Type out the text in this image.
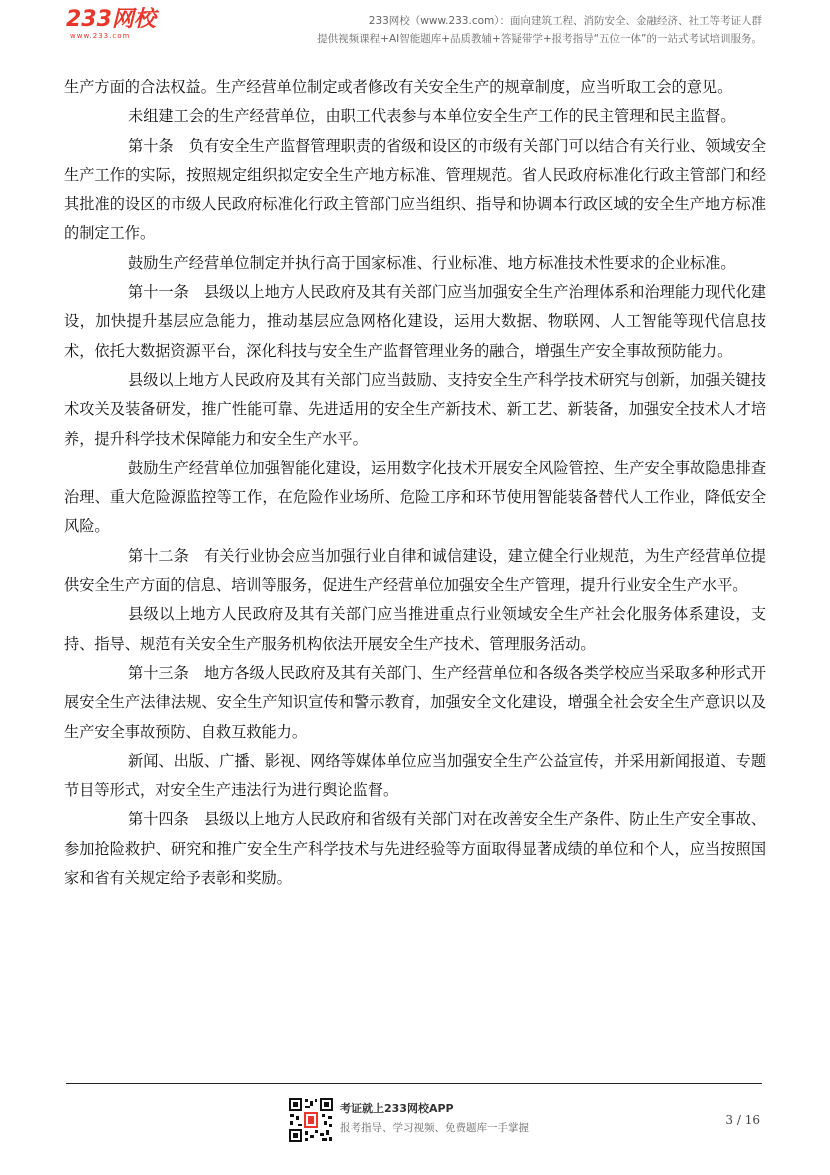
233网校
www.233.com
233网校（www.233.com）：面向建筑工程、消防安全、金融经济、社工等考证人群
提供视频课程+AI智能题库+品质教辅+答疑带学+报考指导“五位一体”的一站式考试培训服务。

生产方面的合法权益。生产经营单位制定或者修改有关安全生产的规章制度，应当听取工会的意见。

未组建工会的生产经营单位，由职工代表参与本单位安全生产工作的民主管理和民主监督。

第十条　负有安全生产监督管理职责的省级和设区的市级有关部门可以结合有关行业、领域安全生产工作的实际，按照规定组织拟定安全生产地方标准、管理规范。省人民政府标准化行政主管部门和经其批准的设区的市级人民政府标准化行政主管部门应当组织、指导和协调本行政区域的安全生产地方标准的制定工作。

鼓励生产经营单位制定并执行高于国家标准、行业标准、地方标准技术性要求的企业标准。

第十一条　县级以上地方人民政府及其有关部门应当加强安全生产治理体系和治理能力现代化建设，加快提升基层应急能力，推动基层应急网格化建设，运用大数据、物联网、人工智能等现代信息技术，依托大数据资源平台，深化科技与安全生产监督管理业务的融合，增强生产安全事故预防能力。

县级以上地方人民政府及其有关部门应当鼓励、支持安全生产科学技术研究与创新，加强关键技术攻关及装备研发，推广性能可靠、先进适用的安全生产新技术、新工艺、新装备，加强安全技术人才培养，提升科学技术保障能力和安全生产水平。

鼓励生产经营单位加强智能化建设，运用数字化技术开展安全风险管控、生产安全事故隐患排查治理、重大危险源监控等工作，在危险作业场所、危险工序和环节使用智能装备替代人工作业，降低安全风险。

第十二条　有关行业协会应当加强行业自律和诚信建设，建立健全行业规范，为生产经营单位提供安全生产方面的信息、培训等服务，促进生产经营单位加强安全生产管理，提升行业安全生产水平。

县级以上地方人民政府及其有关部门应当推进重点行业领域安全生产社会化服务体系建设，支持、指导、规范有关安全生产服务机构依法开展安全生产技术、管理服务活动。

第十三条　地方各级人民政府及其有关部门、生产经营单位和各级各类学校应当采取多种形式开展安全生产法律法规、安全生产知识宣传和警示教育，加强安全文化建设，增强全社会安全生产意识以及生产安全事故预防、自救互救能力。

新闻、出版、广播、影视、网络等媒体单位应当加强安全生产公益宣传，并采用新闻报道、专题节目等形式，对安全生产违法行为进行舆论监督。

第十四条　县级以上地方人民政府和省级有关部门对在改善安全生产条件、防止生产安全事故、参加抢险救护、研究和推广安全生产科学技术与先进经验等方面取得显著成绩的单位和个人，应当按照国家和省有关规定给予表彰和奖励。

考证就上233网校APP
报考指导、学习视频、免费题库一手掌握
3 / 16
